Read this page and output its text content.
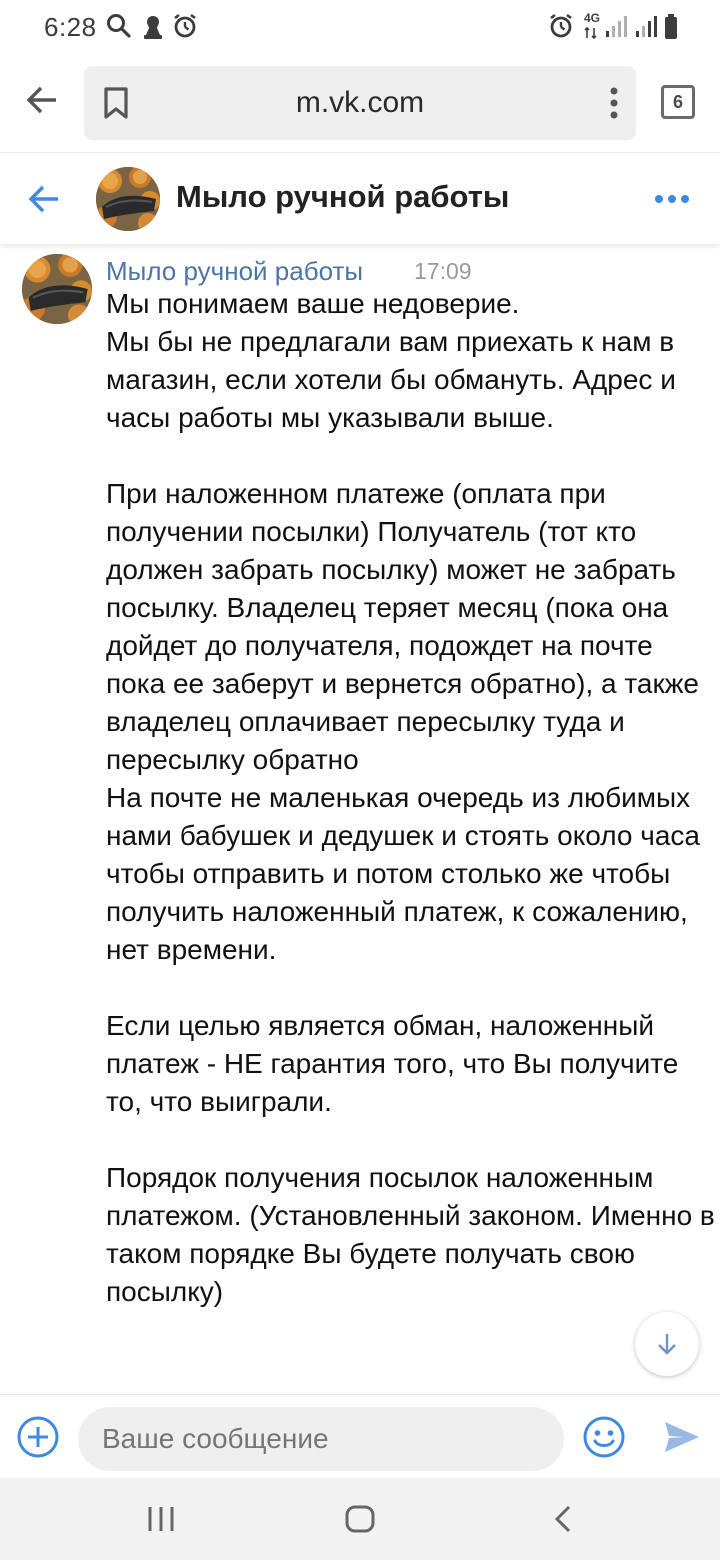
6:28	4G
m.vk.com	6
Мыло ручной работы
Мыло ручной работы 17:09

Мы понимаем ваше недоверие.

Мы бы не предлагали вам приехать к нам в магазин, если хотели бы обмануть. Адрес и часы работы мы указывали выше.

При наложенном платеже (оплата при получении посылки) Получатель (тот кто должен забрать посылку) может не забрать посылку. Владелец теряет месяц (пока она дойдет до получателя, подождет на почте пока ее заберут и вернется обратно), а также владелец оплачивает пересылку туда и пересылку обратно

На почте не маленькая очередь из любимых нами бабушек и дедушек и стоять около часа чтобы отправить и потом столько же чтобы получить наложенный платеж, к сожалению, нет времени.

Если целью является обман, наложенный платеж - НЕ гарантия того, что Вы получите то, что выиграли.

Порядок получения посылок наложенным платежом. (Установленный законом. Именно в таком порядке Вы будете получать свою посылку)

Ваше сообщение
